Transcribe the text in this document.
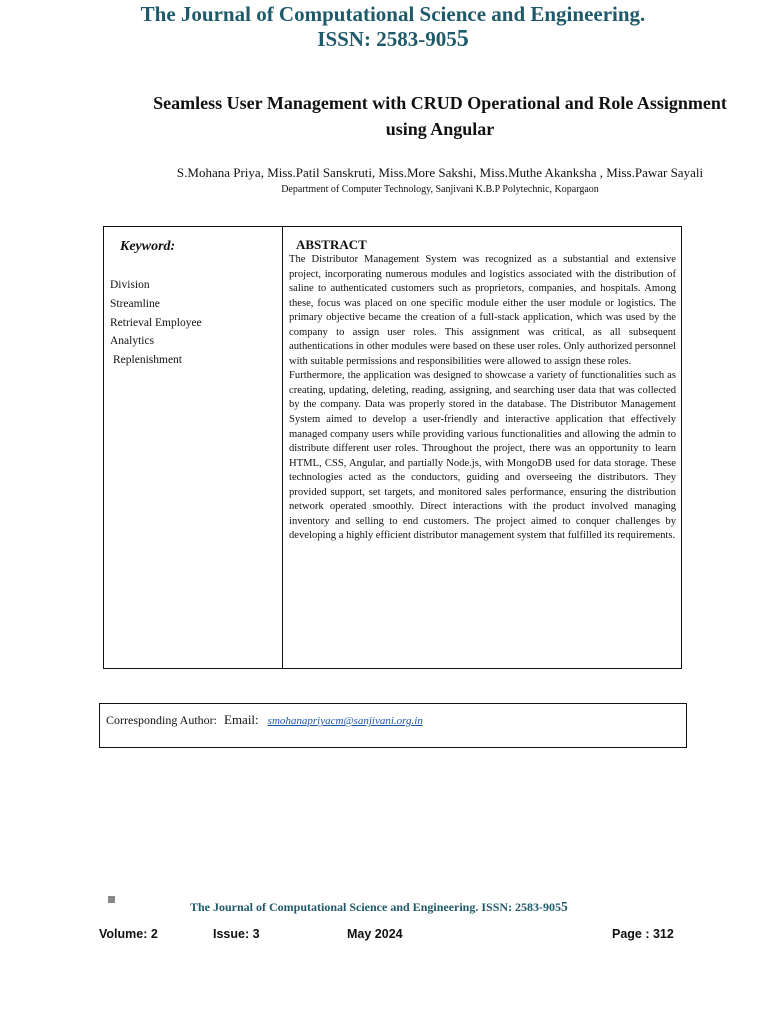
The Journal of Computational Science and Engineering.
ISSN: 2583-9055
Seamless User Management with CRUD Operational and Role Assignment
using Angular
S.Mohana Priya, Miss.Patil Sanskruti, Miss.More Sakshi, Miss.Muthe Akanksha , Miss.Pawar Sayali
Department of Computer Technology, Sanjivani K.B.P Polytechnic, Kopargaon
Keyword:
Division
Streamline
Retrieval Employee
Analytics
Replenishment
ABSTRACT

The Distributor Management System was recognized as a substantial and extensive project, incorporating numerous modules and logistics associated with the distribution of saline to authenticated customers such as proprietors, companies, and hospitals. Among these, focus was placed on one specific module either the user module or logistics. The primary objective became the creation of a full-stack application, which was used by the company to assign user roles. This assignment was critical, as all subsequent authentications in other modules were based on these user roles. Only authorized personnel with suitable permissions and responsibilities were allowed to assign these roles.

Furthermore, the application was designed to showcase a variety of functionalities such as creating, updating, deleting, reading, assigning, and searching user data that was collected by the company. Data was properly stored in the database. The Distributor Management System aimed to develop a user-friendly and interactive application that effectively managed company users while providing various functionalities and allowing the admin to distribute different user roles. Throughout the project, there was an opportunity to learn HTML, CSS, Angular, and partially Node.js, with MongoDB used for data storage. These technologies acted as the conductors, guiding and overseeing the distributors. They provided support, set targets, and monitored sales performance, ensuring the distribution network operated smoothly. Direct interactions with the product involved managing inventory and selling to end customers. The project aimed to conquer challenges by developing a highly efficient distributor management system that fulfilled its requirements.

Corresponding Author: Email: smohanapriyacm@sanjivani.org.in
The Journal of Computational Science and Engineering. ISSN: 2583-9055
Volume: 2	Issue: 3	May 2024	Page : 312
